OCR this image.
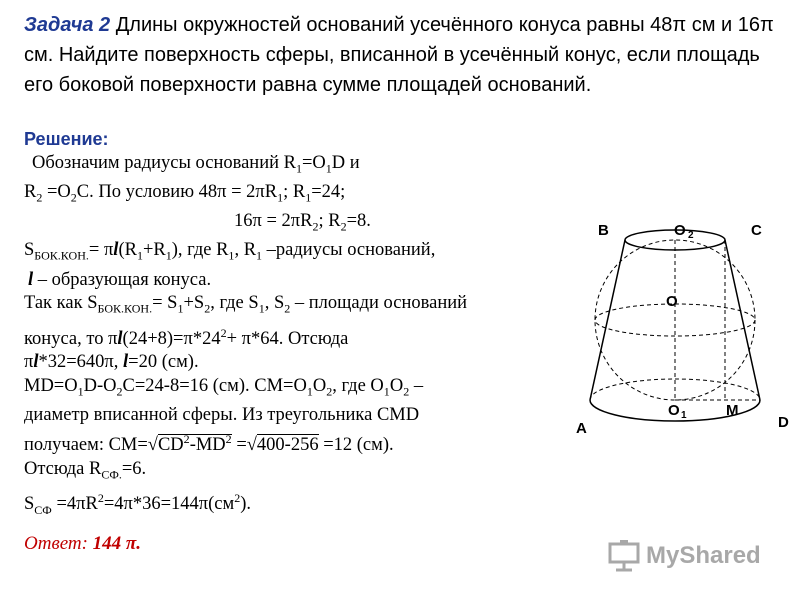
Задача 2 Длины окружностей оснований усечённого конуса равны 48π см и 16π см. Найдите поверхность сферы, вписанной в усечённый конус, если площадь его боковой поверхности равна сумме площадей оснований.
Решение:
Обозначим радиусы оснований $R_1=O_1D$ и
$R_2 =O_2C$. По условию $48\pi = 2\pi R_1$; $R_1=24$;
$16\pi = 2\pi R_2$; $R_2=8$.
$S_{БОК.КОН.}= \pi l(R_1+R_1)$, где $R_1$, $R_1$ –радиусы оснований,
l – образующая конуса.
Так как $S_{БОК.КОН.}= S_1+S_2$, где $S_1$, $S_2$ – площади оснований
конуса, то $\pi l(24+8)=\pi*24^2+ \pi*64$. Отсюда
πl*32=640π, l=20 (см).
$MD=O_1D-O_2C=24-8=16$ (см). $CM=O_1O_2$, где $O_1O_2$ –
диаметр вписанной сферы. Из треугольника CMD
получаем: $CM=√CD^2-MD^2 =√400-256 =12$ (см).
Отсюда $R_{СФ.}=6$.
$S_{СФ} =4\pi R^2=4\pi*36=144\pi(см^2)$.
Ответ: 144 π.
B	O 2	C
O
O 1	M
A	D
MyShared
